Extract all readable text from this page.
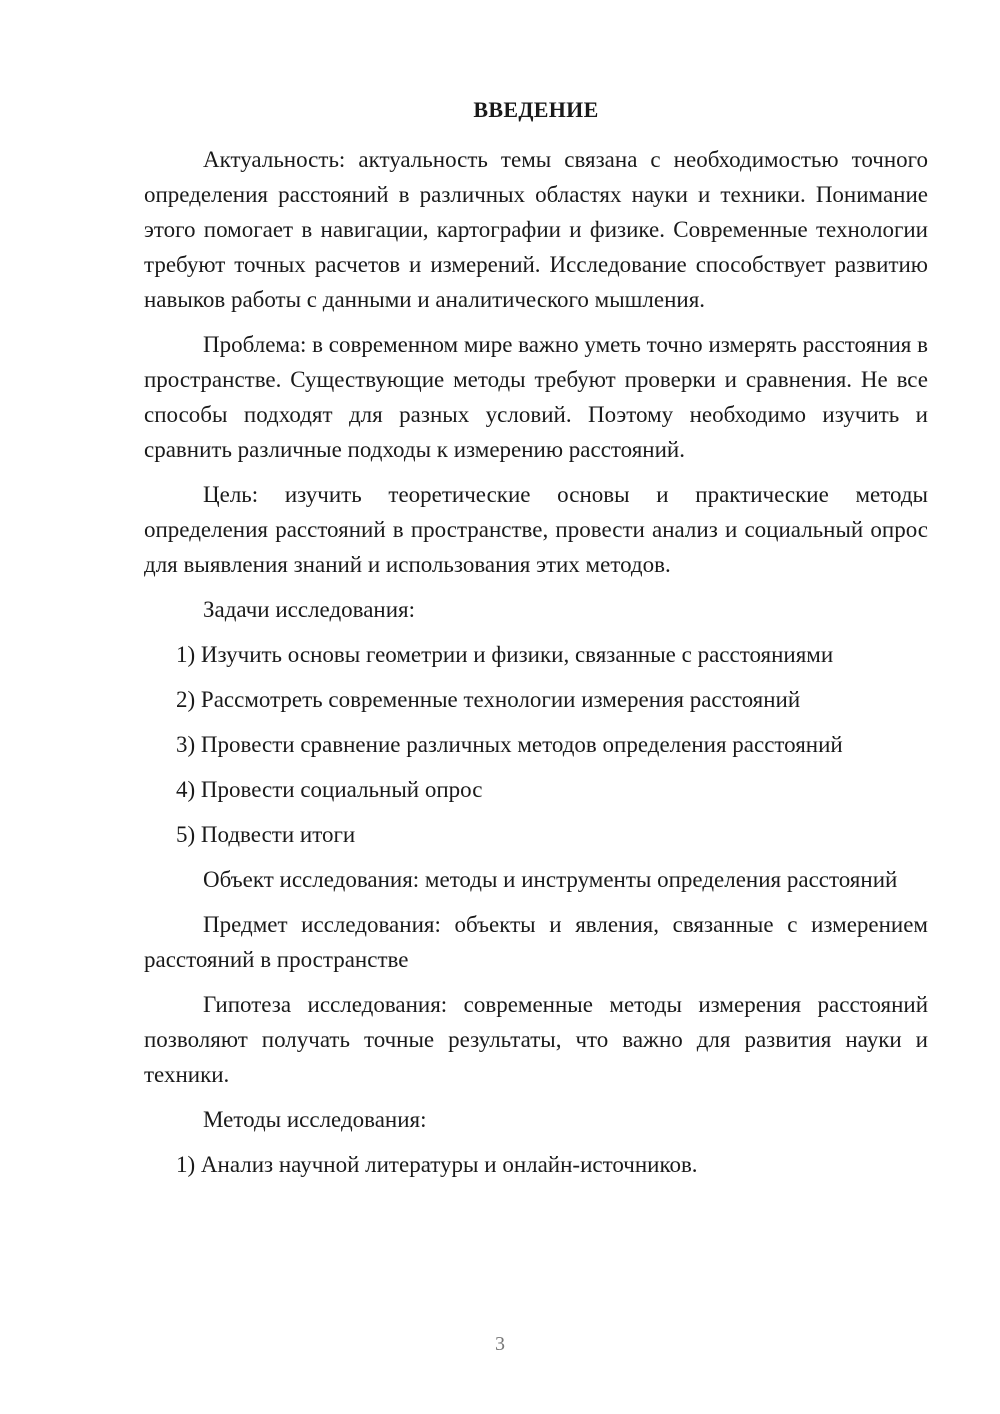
ВВЕДЕНИЕ

Актуальность: актуальность темы связана с необходимостью точного определения расстояний в различных областях науки и техники. Понимание этого помогает в навигации, картографии и физике. Современные технологии требуют точных расчетов и измерений. Исследование способствует развитию навыков работы с данными и аналитического мышления.

Проблема: в современном мире важно уметь точно измерять расстояния в пространстве. Существующие методы требуют проверки и сравнения. Не все способы подходят для разных условий. Поэтому необходимо изучить и сравнить различные подходы к измерению расстояний.

Цель: изучить теоретические основы и практические методы определения расстояний в пространстве, провести анализ и социальный опрос для выявления знаний и использования этих методов.

Задачи исследования:

1) Изучить основы геометрии и физики, связанные с расстояниями
2) Рассмотреть современные технологии измерения расстояний
3) Провести сравнение различных методов определения расстояний
4) Провести социальный опрос
5) Подвести итоги

Объект исследования: методы и инструменты определения расстояний

Предмет исследования: объекты и явления, связанные с измерением расстояний в пространстве

Гипотеза исследования: современные методы измерения расстояний позволяют получать точные результаты, что важно для развития науки и техники.

Методы исследования:

1) Анализ научной литературы и онлайн-источников.
3
